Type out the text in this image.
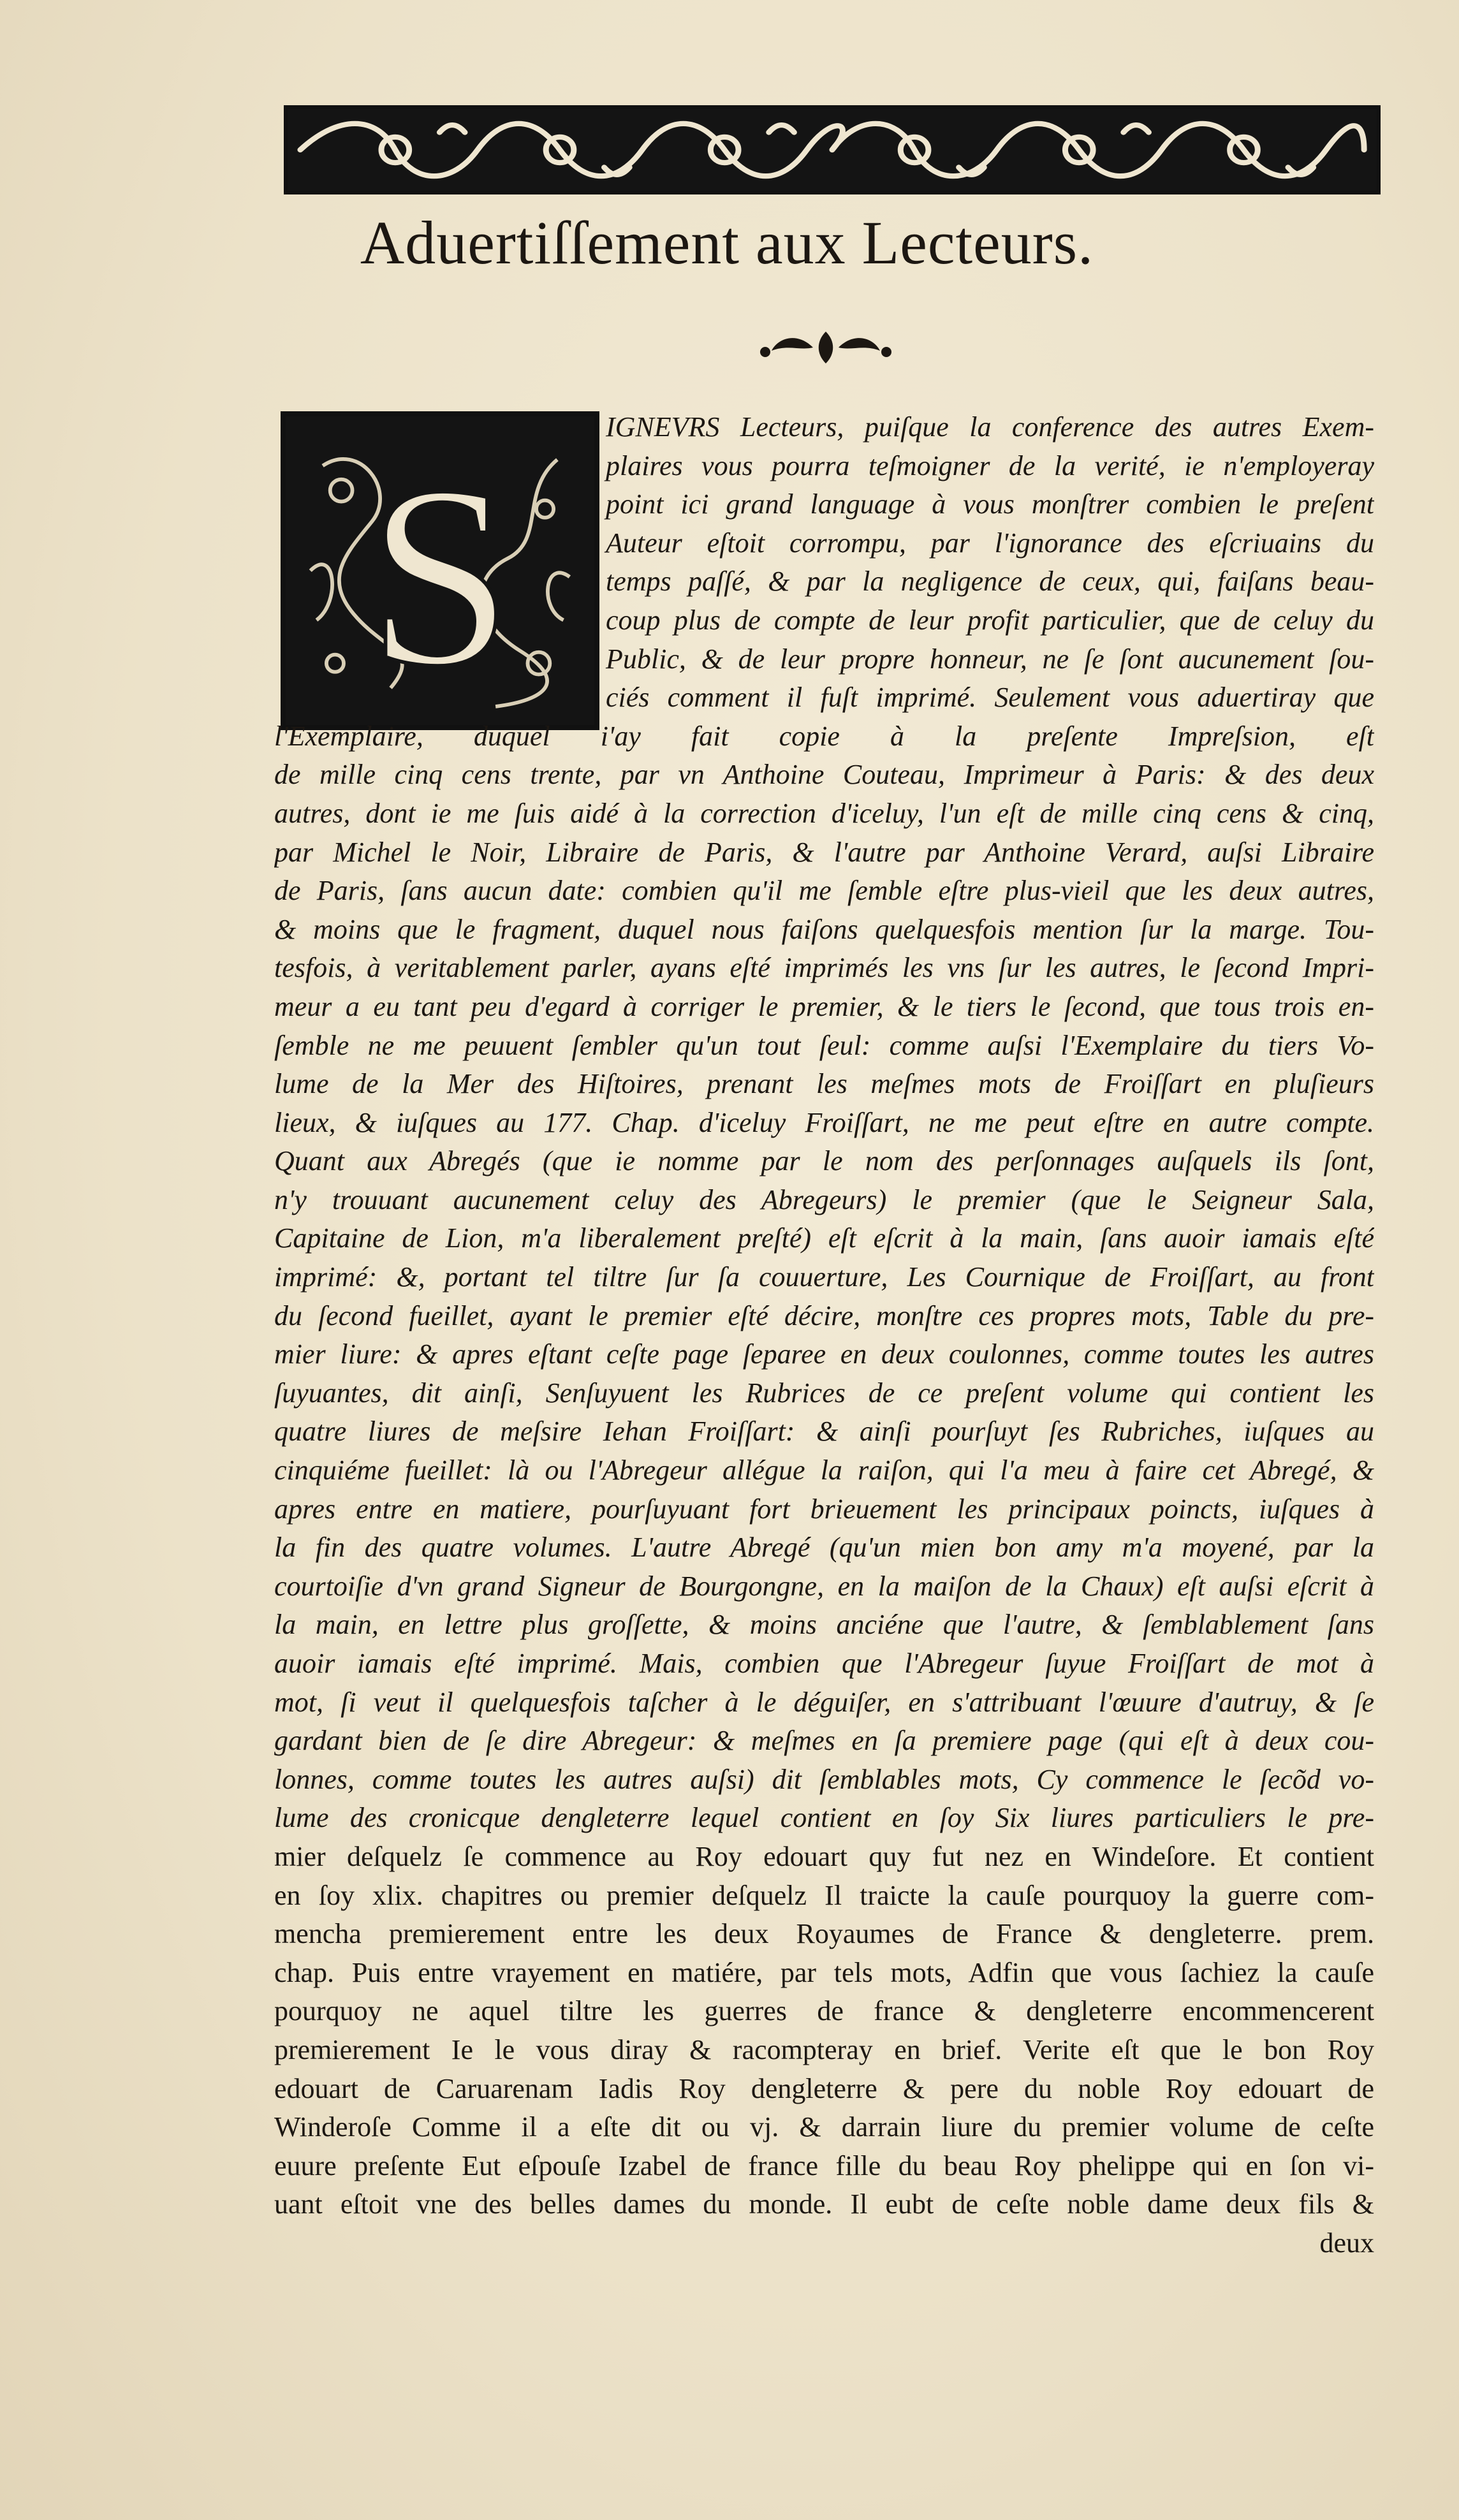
Aduertiſſement aux Lecteurs.
S
IGNEVRS Lecteurs, puiſque la conference des autres Exem-
plaires vous pourra teſmoigner de la verité, ie n'employeray
point ici grand language à vous monſtrer combien le preſent
Auteur eſtoit corrompu, par l'ignorance des eſcriuains du
temps paſſé, & par la negligence de ceux, qui, faiſans beau-
coup plus de compte de leur profit particulier, que de celuy du
Public, & de leur propre honneur, ne ſe ſont aucunement ſou-
ciés comment il fuſt imprimé. Seulement vous aduertiray que
l'Exemplaire, duquel i'ay fait copie à la preſente Impreſsion, eſt
de mille cinq cens trente, par vn Anthoine Couteau, Imprimeur à Paris: & des deux
autres, dont ie me ſuis aidé à la correction d'iceluy, l'un eſt de mille cinq cens & cinq,
par Michel le Noir, Libraire de Paris, & l'autre par Anthoine Verard, auſsi Libraire
de Paris, ſans aucun date: combien qu'il me ſemble eſtre plus-vieil que les deux autres,
& moins que le fragment, duquel nous faiſons quelquesfois mention ſur la marge. Tou-
tesfois, à veritablement parler, ayans eſté imprimés les vns ſur les autres, le ſecond Impri-
meur a eu tant peu d'egard à corriger le premier, & le tiers le ſecond, que tous trois en-
ſemble ne me peuuent ſembler qu'un tout ſeul: comme auſsi l'Exemplaire du tiers Vo-
lume de la Mer des Hiſtoires, prenant les meſmes mots de Froiſſart en pluſieurs
lieux, & iuſques au 177. Chap. d'iceluy Froiſſart, ne me peut eſtre en autre compte.
Quant aux Abregés (que ie nomme par le nom des perſonnages auſquels ils ſont,
n'y trouuant aucunement celuy des Abregeurs) le premier (que le Seigneur Sala,
Capitaine de Lion, m'a liberalement preſté) eſt eſcrit à la main, ſans auoir iamais eſté
imprimé: &, portant tel tiltre ſur ſa couuerture, Les Cournique de Froiſſart, au front
du ſecond fueillet, ayant le premier eſté décire, monſtre ces propres mots, Table du pre-
mier liure: & apres eſtant ceſte page ſeparee en deux coulonnes, comme toutes les autres
ſuyuantes, dit ainſi, Senſuyuent les Rubrices de ce preſent volume qui contient les
quatre liures de meſsire Iehan Froiſſart: & ainſi pourſuyt ſes Rubriches, iuſques au
cinquiéme fueillet: là ou l'Abregeur allégue la raiſon, qui l'a meu à faire cet Abregé, &
apres entre en matiere, pourſuyuant fort brieuement les principaux poincts, iuſques à
la fin des quatre volumes. L'autre Abregé (qu'un mien bon amy m'a moyené, par la
courtoiſie d'vn grand Signeur de Bourgongne, en la maiſon de la Chaux) eſt auſsi eſcrit à
la main, en lettre plus groſſette, & moins anciéne que l'autre, & ſemblablement ſans
auoir iamais eſté imprimé. Mais, combien que l'Abregeur ſuyue Froiſſart de mot à
mot, ſi veut il quelquesfois taſcher à le déguiſer, en s'attribuant l'œuure d'autruy, & ſe
gardant bien de ſe dire Abregeur: & meſmes en ſa premiere page (qui eſt à deux cou-
lonnes, comme toutes les autres auſsi) dit ſemblables mots, Cy commence le ſecõd vo-
lume des cronicque dengleterre lequel contient en ſoy Six liures particuliers le pre-
mier deſquelz ſe commence au Roy edouart quy fut nez en Windeſore. Et contient
en ſoy xlix. chapitres ou premier deſquelz Il traicte la cauſe pourquoy la guerre com-
mencha premierement entre les deux Royaumes de France & dengleterre. prem.
chap. Puis entre vrayement en matiére, par tels mots, Adfin que vous ſachiez la cauſe
pourquoy ne aquel tiltre les guerres de france & dengleterre encommencerent
premierement Ie le vous diray & racompteray en brief. Verite eſt que le bon Roy
edouart de Caruarenam Iadis Roy dengleterre & pere du noble Roy edouart de
Winderoſe Comme il a eſte dit ou vj. & darrain liure du premier volume de ceſte
euure preſente Eut eſpouſe Izabel de france fille du beau Roy phelippe qui en ſon vi-
uant eſtoit vne des belles dames du monde. Il eubt de ceſte noble dame deux fils &
deux
